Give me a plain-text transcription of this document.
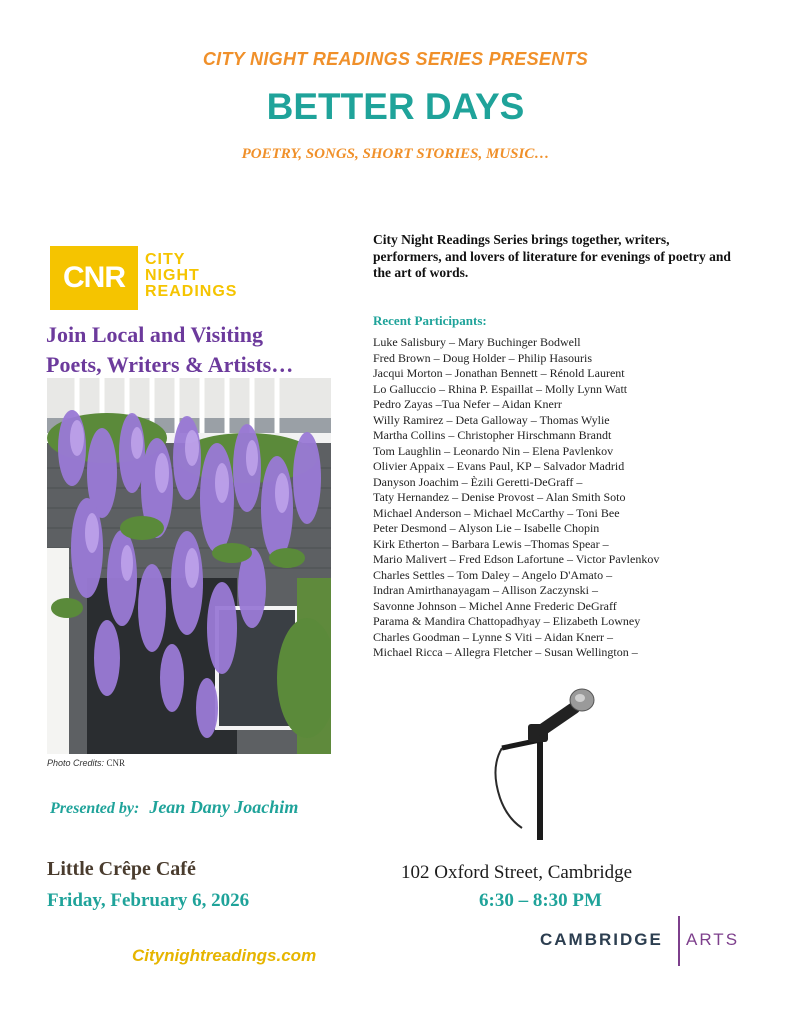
CITY NIGHT READINGS SERIES PRESENTS
BETTER DAYS
POETRY, SONGS, SHORT STORIES, MUSIC…
CNR
CITY
NIGHT
READINGS
Join Local and Visiting
Poets, Writers & Artists…
Photo Credits: CNR
City Night Readings Series brings together, writers, performers, and lovers of literature for evenings of poetry and the art of words.
Recent Participants:
Luke Salisbury – Mary Buchinger Bodwell
Fred Brown – Doug Holder – Philip Hasouris
Jacqui Morton – Jonathan Bennett – Rénold Laurent
Lo Galluccio – Rhina P. Espaillat – Molly Lynn Watt
Pedro Zayas –Tua Nefer – Aidan Knerr
Willy Ramirez – Deta Galloway – Thomas Wylie
Martha Collins – Christopher Hirschmann Brandt
Tom Laughlin – Leonardo Nin – Elena Pavlenkov
Olivier Appaix – Evans Paul, KP – Salvador Madrid
Danyson Joachim – Èzili Geretti-DeGraff –
Taty Hernandez – Denise Provost – Alan Smith Soto
Michael Anderson – Michael McCarthy – Toni Bee
Peter Desmond – Alyson Lie – Isabelle Chopin
Kirk Etherton – Barbara Lewis –Thomas Spear –
Mario Malivert – Fred Edson Lafortune – Victor Pavlenkov
Charles Settles – Tom Daley – Angelo D'Amato –
Indran Amirthanayagam – Allison Zaczynski –
Savonne Johnson – Michel Anne Frederic DeGraff
Parama & Mandira Chattopadhyay – Elizabeth Lowney
Charles Goodman – Lynne S Viti – Aidan Knerr –
Michael Ricca – Allegra Fletcher – Susan Wellington –
Presented by: Jean Dany Joachim
Little Crêpe Café
Friday, February 6, 2026
102 Oxford Street, Cambridge
6:30 – 8:30 PM
CAMBRIDGE ARTS
Citynightreadings.com
